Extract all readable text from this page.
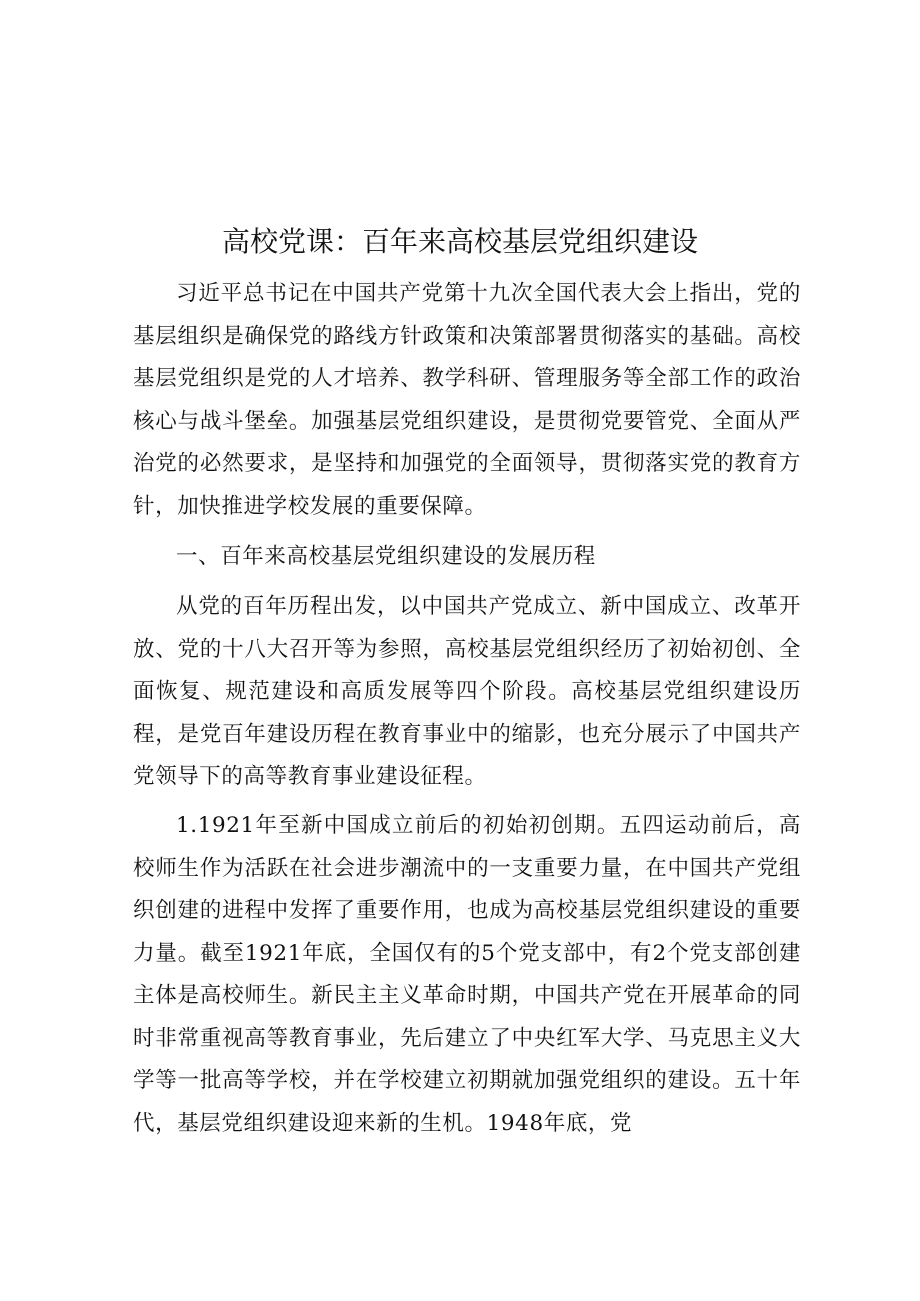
高校党课：百年来高校基层党组织建设

习近平总书记在中国共产党第十九次全国代表大会上指出，党的基层组织是确保党的路线方针政策和决策部署贯彻落实的基础。高校基层党组织是党的人才培养、教学科研、管理服务等全部工作的政治核心与战斗堡垒。加强基层党组织建设，是贯彻党要管党、全面从严治党的必然要求，是坚持和加强党的全面领导，贯彻落实党的教育方针，加快推进学校发展的重要保障。

一、百年来高校基层党组织建设的发展历程

从党的百年历程出发，以中国共产党成立、新中国成立、改革开放、党的十八大召开等为参照，高校基层党组织经历了初始初创、全面恢复、规范建设和高质发展等四个阶段。高校基层党组织建设历程，是党百年建设历程在教育事业中的缩影，也充分展示了中国共产党领导下的高等教育事业建设征程。

1.1921年至新中国成立前后的初始初创期。五四运动前后，高校师生作为活跃在社会进步潮流中的一支重要力量，在中国共产党组织创建的进程中发挥了重要作用，也成为高校基层党组织建设的重要力量。截至1921年底，全国仅有的5个党支部中，有2个党支部创建主体是高校师生。新民主主义革命时期，中国共产党在开展革命的同时非常重视高等教育事业，先后建立了中央红军大学、马克思主义大学等一批高等学校，并在学校建立初期就加强党组织的建设。五十年代，基层党组织建设迎来新的生机。1948年底，党
